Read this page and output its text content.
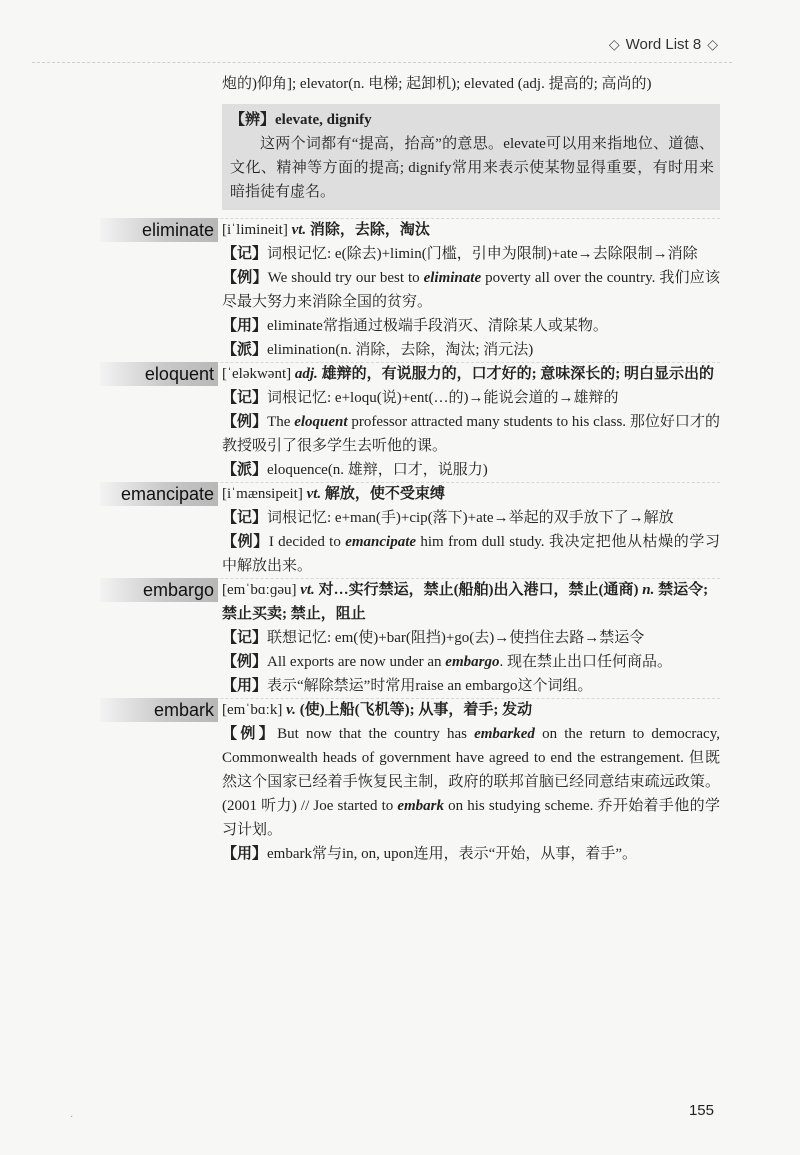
◇ Word List 8 ◇

炮的)仰角]; elevator(n. 电梯; 起卸机); elevated (adj. 提高的; 高尚的)

【辨】elevate, dignify

这两个词都有“提高，抬高”的意思。elevate可以用来指地位、道德、文化、精神等方面的提高; dignify常用来表示使某物显得重要，有时用来暗指徒有虚名。

eliminate [iˈlimineit] vt. 消除，去除，淘汰

【记】词根记忆: e(除去)+limin(门槛，引申为限制)+ate→去除限制→消除

【例】We should try our best to eliminate poverty all over the country. 我们应该尽最大努力来消除全国的贫穷。

【用】eliminate常指通过极端手段消灭、清除某人或某物。

【派】elimination(n. 消除，去除，淘汰; 消元法)

eloquent [ˈeləkwənt] adj. 雄辩的，有说服力的，口才好的; 意味深长的; 明白显示出的

【记】词根记忆: e+loqu(说)+ent(…的)→能说会道的→雄辩的

【例】The eloquent professor attracted many students to his class. 那位好口才的教授吸引了很多学生去听他的课。

【派】eloquence(n. 雄辩，口才，说服力)

emancipate [iˈmænsipeit] vt. 解放，使不受束缚

【记】词根记忆: e+man(手)+cip(落下)+ate→举起的双手放下了→解放

【例】I decided to emancipate him from dull study. 我决定把他从枯燥的学习中解放出来。

embargo [emˈbɑːɡəu] vt. 对…实行禁运，禁止(船舶)出入港口，禁止(通商) n. 禁运令; 禁止买卖; 禁止，阻止

【记】联想记忆: em(使)+bar(阻挡)+go(去)→使挡住去路→禁运令

【例】All exports are now under an embargo. 现在禁止出口任何商品。

【用】表示“解除禁运”时常用raise an embargo这个词组。

embark [emˈbɑːk] v. (使)上船(飞机等); 从事，着手; 发动

【例】But now that the country has embarked on the return to democracy, Commonwealth heads of government have agreed to end the estrangement. 但既然这个国家已经着手恢复民主制，政府的联邦首脑已经同意结束疏远政策。(2001 听力) // Joe started to embark on his studying scheme. 乔开始着手他的学习计划。

【用】embark常与in, on, upon连用，表示“开始，从事，着手”。

·	155
